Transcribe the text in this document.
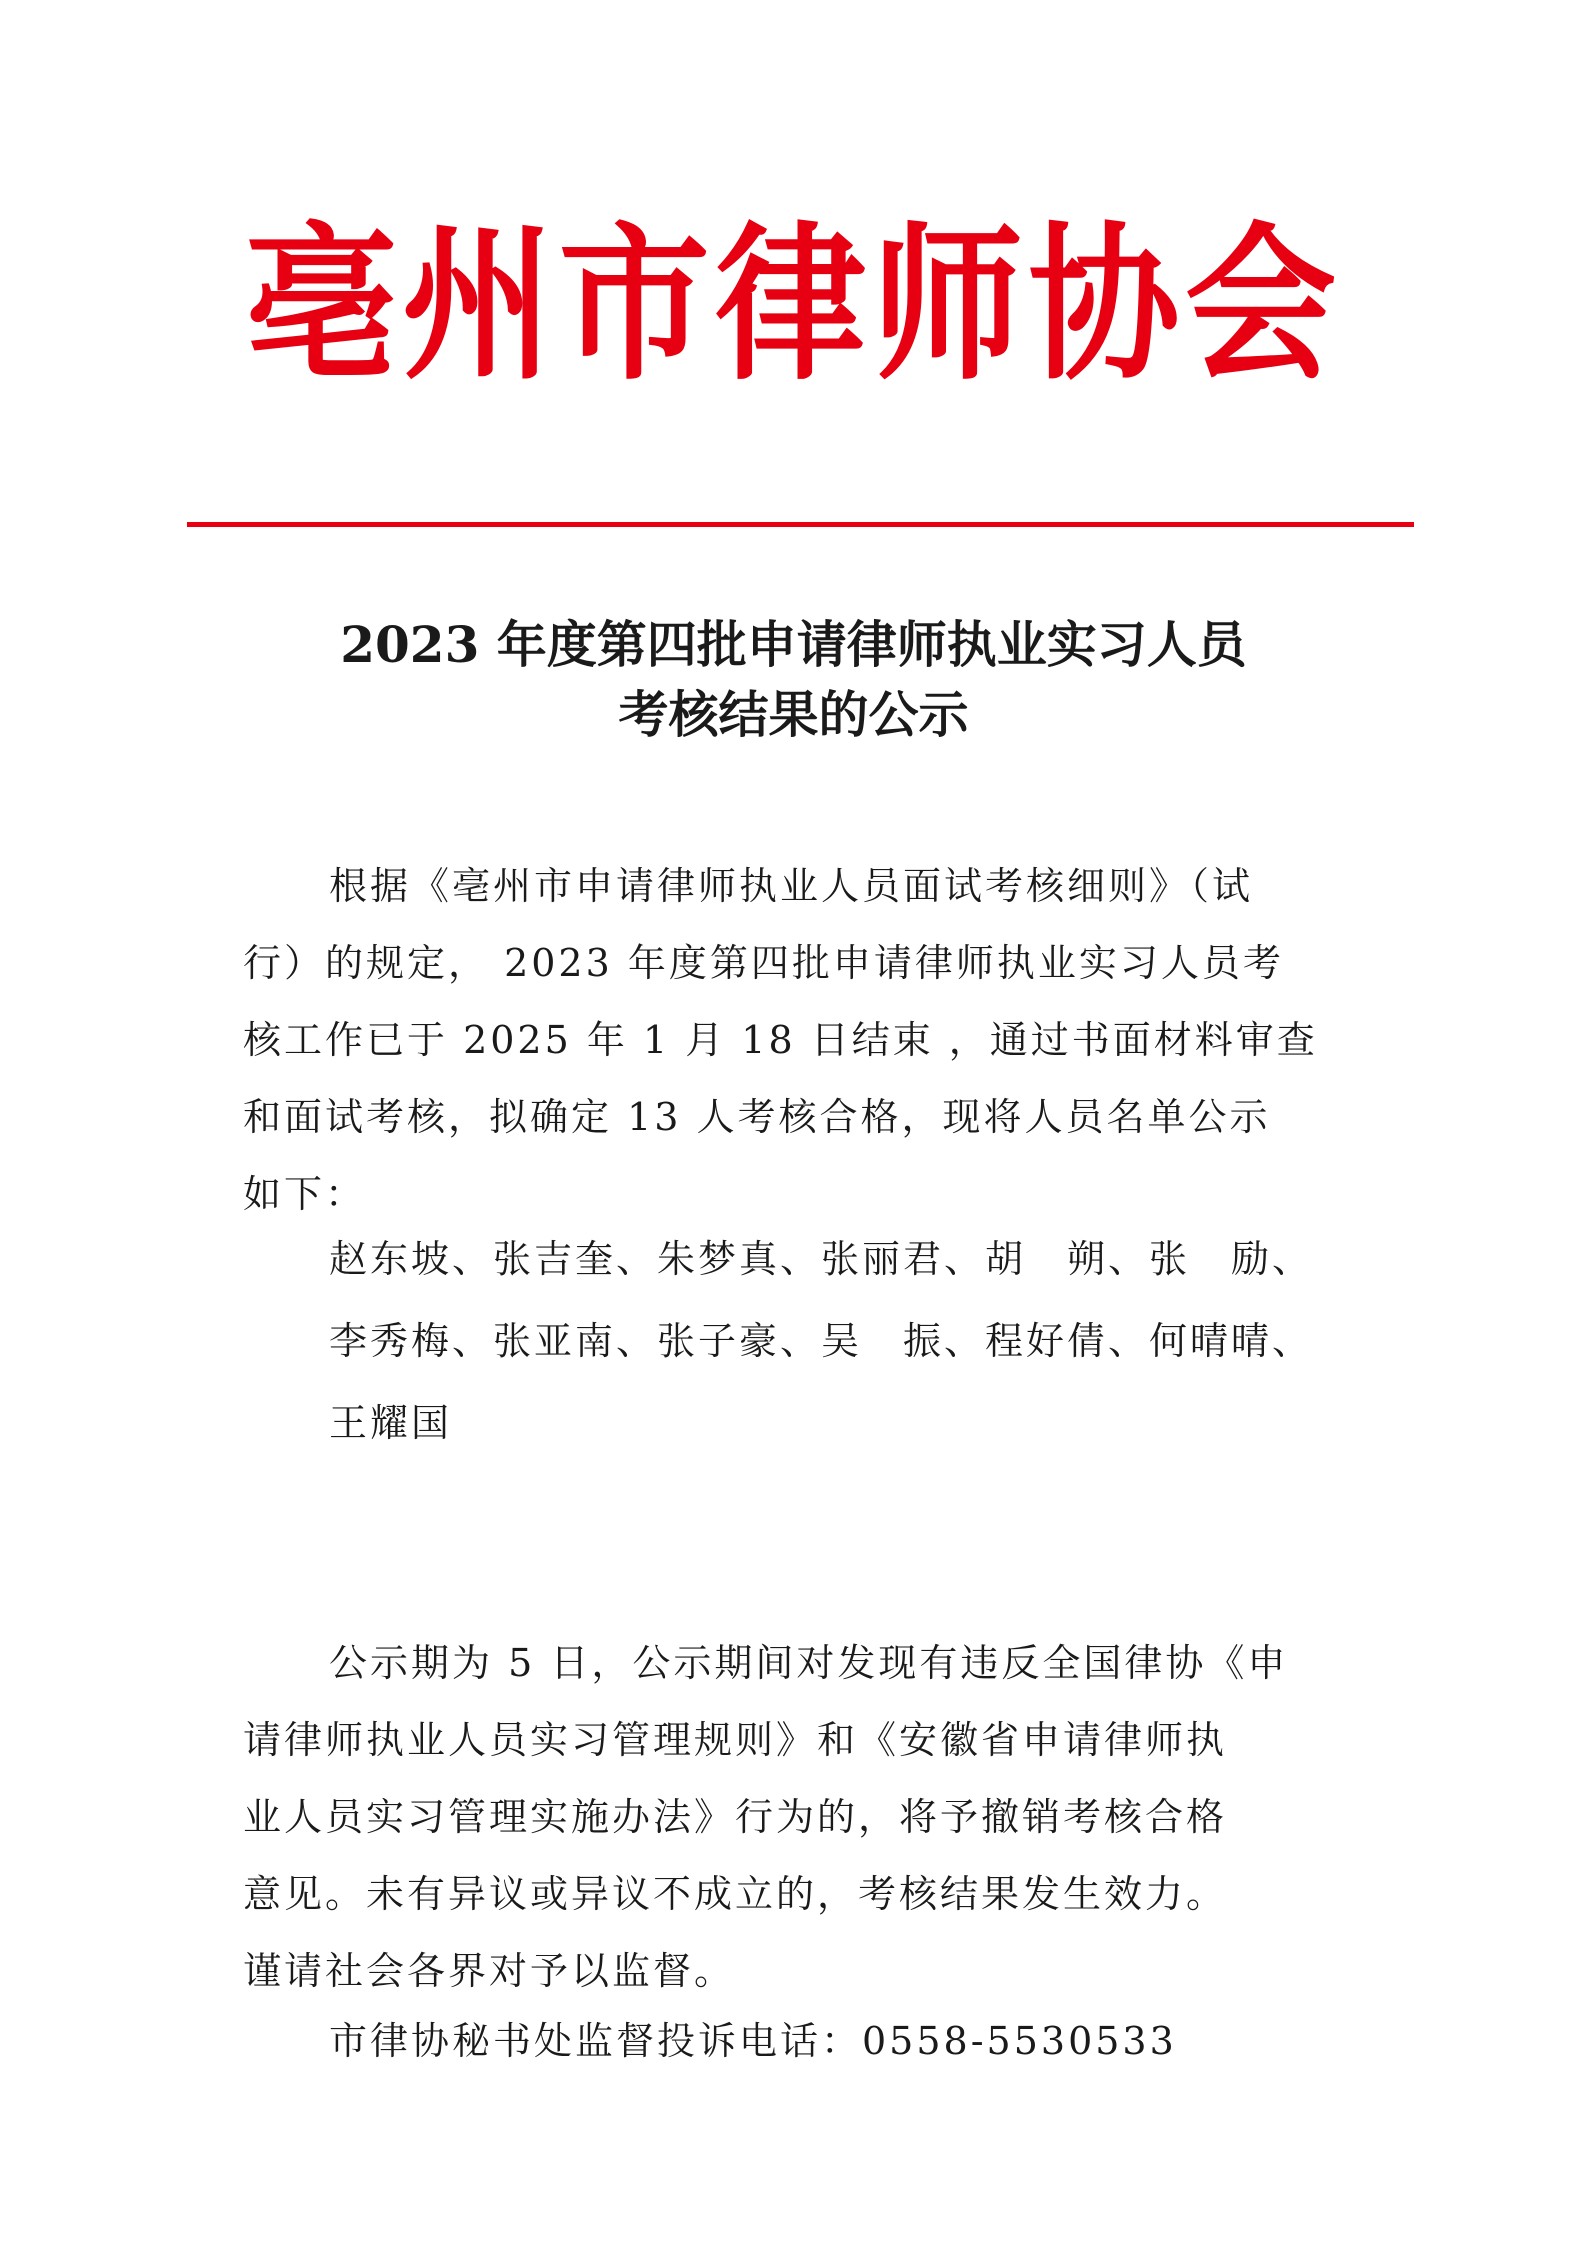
亳州市律师协会
2023 年度第四批申请律师执业实习人员
考核结果的公示
根据《亳州市申请律师执业人员面试考核细则》（试
行）的规定， 2023 年度第四批申请律师执业实习人员考
核工作已于 2025 年 1 月 18 日结束 ，通过书面材料审查
和面试考核，拟确定 13 人考核合格，现将人员名单公示
如下：
赵东坡、张吉奎、朱梦真、张丽君、胡　朔、张　励、
李秀梅、张亚南、张子豪、吴　振、程好倩、何晴晴、
王耀国
公示期为 5 日，公示期间对发现有违反全国律协《申
请律师执业人员实习管理规则》和《安徽省申请律师执
业人员实习管理实施办法》行为的，将予撤销考核合格
意见。未有异议或异议不成立的，考核结果发生效力。
谨请社会各界对予以监督。
市律协秘书处监督投诉电话：0558-5530533
